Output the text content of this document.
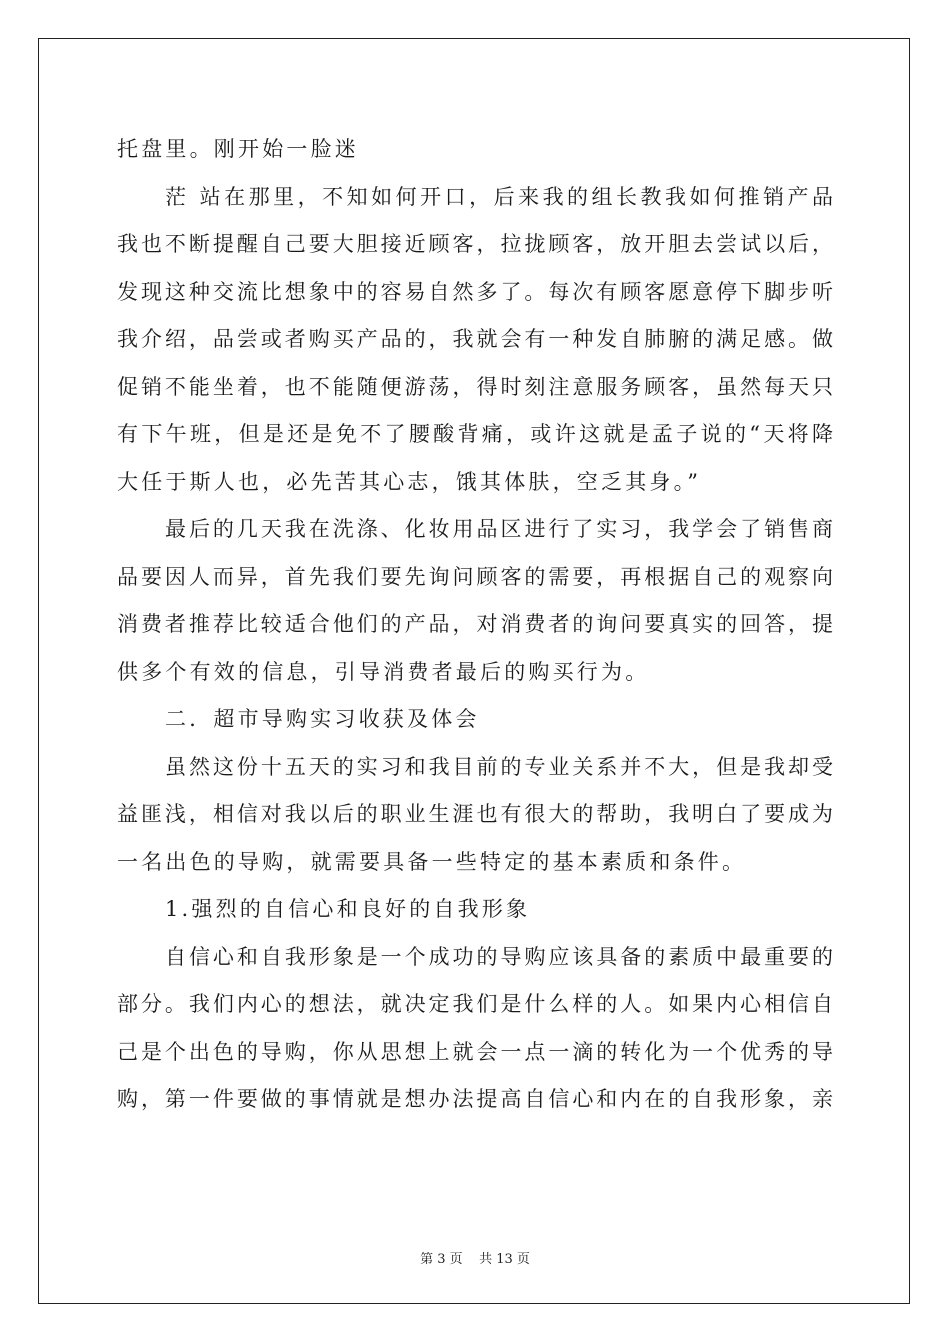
托盘里。刚开始一脸迷
茫 站在那里，不知如何开口，后来我的组长教我如何推销产品
我也不断提醒自己要大胆接近顾客，拉拢顾客，放开胆去尝试以后，
发现这种交流比想象中的容易自然多了。每次有顾客愿意停下脚步听
我介绍，品尝或者购买产品的，我就会有一种发自肺腑的满足感。做
促销不能坐着，也不能随便游荡，得时刻注意服务顾客，虽然每天只
有下午班，但是还是免不了腰酸背痛，或许这就是孟子说的“天将降
大任于斯人也，必先苦其心志，饿其体肤，空乏其身。”
最后的几天我在洗涤、化妆用品区进行了实习，我学会了销售商
品要因人而异，首先我们要先询问顾客的需要，再根据自己的观察向
消费者推荐比较适合他们的产品，对消费者的询问要真实的回答，提
供多个有效的信息，引导消费者最后的购买行为。
二．超市导购实习收获及体会
虽然这份十五天的实习和我目前的专业关系并不大，但是我却受
益匪浅，相信对我以后的职业生涯也有很大的帮助，我明白了要成为
一名出色的导购，就需要具备一些特定的基本素质和条件。
1.强烈的自信心和良好的自我形象
自信心和自我形象是一个成功的导购应该具备的素质中最重要的
部分。我们内心的想法，就决定我们是什么样的人。如果内心相信自
己是个出色的导购，你从思想上就会一点一滴的转化为一个优秀的导
购，第一件要做的事情就是想办法提高自信心和内在的自我形象，亲
第 3 页    共 13 页
